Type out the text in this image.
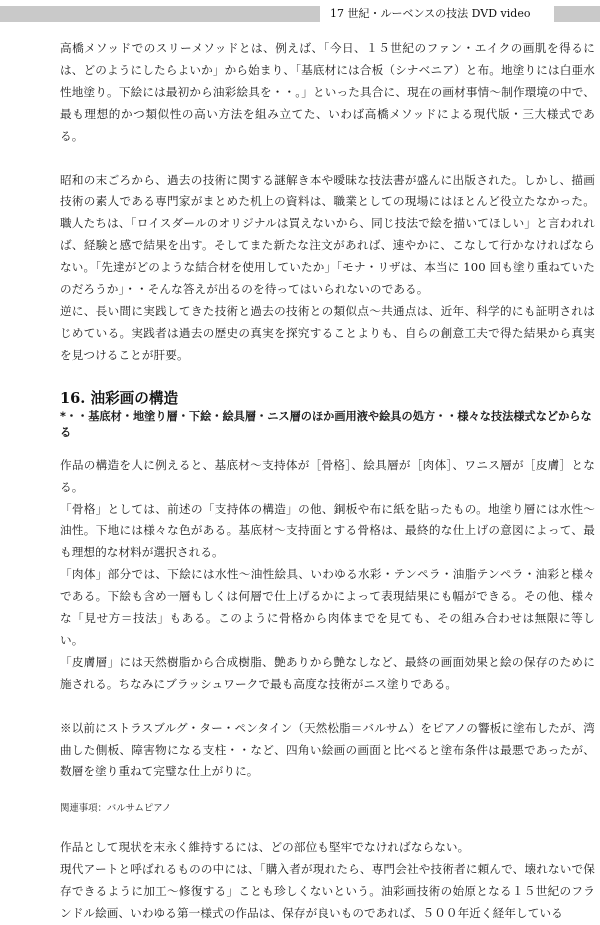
17 世紀・ルーベンスの技法 DVD video

高橋メソッドでのスリーメソッドとは、例えば、「今日、１５世紀のファン・エイクの画肌を得るには、どのようにしたらよいか」から始まり、「基底材には合板（シナベニア）と布。地塗りには白亜水性地塗り。下絵には最初から油彩絵具を・・。」といった具合に、現在の画材事情〜制作環境の中で、最も理想的かつ類似性の高い方法を組み立てた、いわば高橋メソッドによる現代版・三大様式である。

昭和の末ごろから、過去の技術に関する謎解き本や曖昧な技法書が盛んに出版された。しかし、描画技術の素人である専門家がまとめた机上の資料は、職業としての現場にはほとんど役立たなかった。職人たちは、「ロイスダールのオリジナルは買えないから、同じ技法で絵を描いてほしい」と言われれば、経験と感で結果を出す。そしてまた新たな注文があれば、速やかに、こなして行かなければならない。「先達がどのような結合材を使用していたか」「モナ・リザは、本当に 100 回も塗り重ねていたのだろうか」・・そんな答えが出るのを待ってはいられないのである。

逆に、長い間に実践してきた技術と過去の技術との類似点〜共通点は、近年、科学的にも証明されはじめている。実践者は過去の歴史の真実を探究することよりも、自らの創意工夫で得た結果から真実を見つけることが肝要。

16. 油彩画の構造
*・・基底材・地塗り層・下絵・絵具層・ニス層のほか画用液や絵具の処方・・様々な技法様式などからなる

作品の構造を人に例えると、基底材〜支持体が［骨格］、絵具層が［肉体］、ワニス層が［皮膚］となる。

「骨格」としては、前述の「支持体の構造」の他、銅板や布に紙を貼ったもの。地塗り層には水性〜油性。下地には様々な色がある。基底材〜支持面とする骨格は、最終的な仕上げの意図によって、最も理想的な材料が選択される。

「肉体」部分では、下絵には水性〜油性絵具、いわゆる水彩・テンペラ・油脂テンペラ・油彩と様々である。下絵も含め一層もしくは何層で仕上げるかによって表現結果にも幅ができる。その他、様々な「見せ方＝技法」もある。このように骨格から肉体までを見ても、その組み合わせは無限に等しい。

「皮膚層」には天然樹脂から合成樹脂、艶ありから艶なしなど、最終の画面効果と絵の保存のために施される。ちなみにブラッシュワークで最も高度な技術がニス塗りである。

※以前にストラスブルグ・ター・ペンタイン（天然松脂＝バルサム）をピアノの響板に塗布したが、湾曲した側板、障害物になる支柱・・など、四角い絵画の画面と比べると塗布条件は最悪であったが、数層を塗り重ねて完璧な仕上がりに。

関連事項：バルサムピアノ

作品として現状を末永く維持するには、どの部位も堅牢でなければならない。

現代アートと呼ばれるものの中には、「購入者が現れたら、専門会社や技術者に頼んで、壊れないで保存できるように加工〜修復する」ことも珍しくないという。油彩画技術の始原となる１５世紀のフランドル絵画、いわゆる第一様式の作品は、保存が良いものであれば、５００年近く経年している
